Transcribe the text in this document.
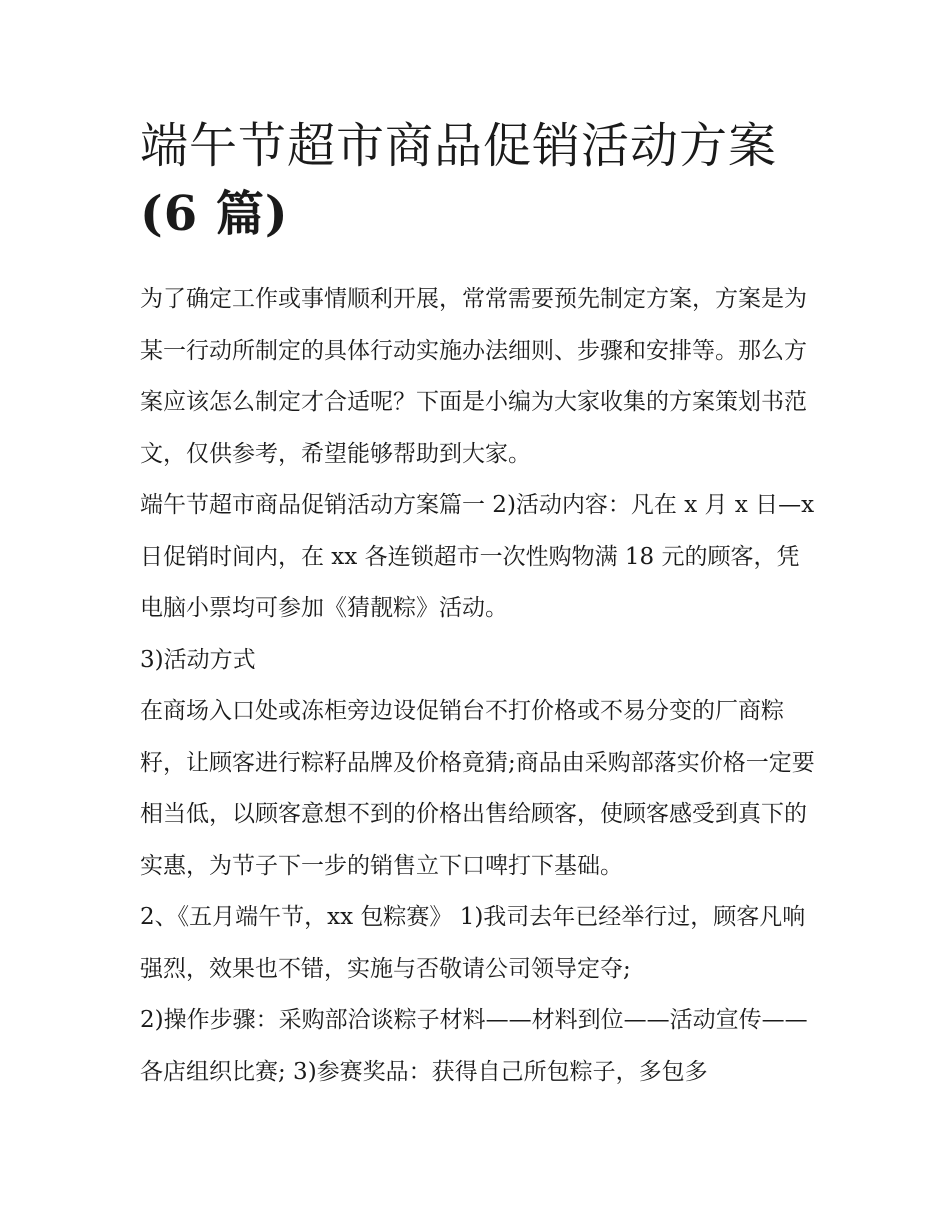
端午节超市商品促销活动方案
(6 篇)

为了确定工作或事情顺利开展，常常需要预先制定方案，方案是为某一行动所制定的具体行动实施办法细则、步骤和安排等。那么方案应该怎么制定才合适呢？下面是小编为大家收集的方案策划书范文，仅供参考，希望能够帮助到大家。

端午节超市商品促销活动方案篇一 2)活动内容：凡在 x 月 x 日—x 日促销时间内，在 xx 各连锁超市一次性购物满 18 元的顾客，凭电脑小票均可参加《猜靓粽》活动。

3)活动方式

在商场入口处或冻柜旁边设促销台不打价格或不易分变的厂商粽籽，让顾客进行粽籽品牌及价格竟猜;商品由采购部落实价格一定要相当低，以顾客意想不到的价格出售给顾客，使顾客感受到真下的实惠，为节子下一步的销售立下口啤打下基础。

2、《五月端午节，xx 包粽赛》 1)我司去年已经举行过，顾客凡响强烈，效果也不错，实施与否敬请公司领导定夺;

2)操作步骤：采购部洽谈粽子材料——材料到位——活动宣传——各店组织比赛; 3)参赛奖品：获得自己所包粽子，多包多
